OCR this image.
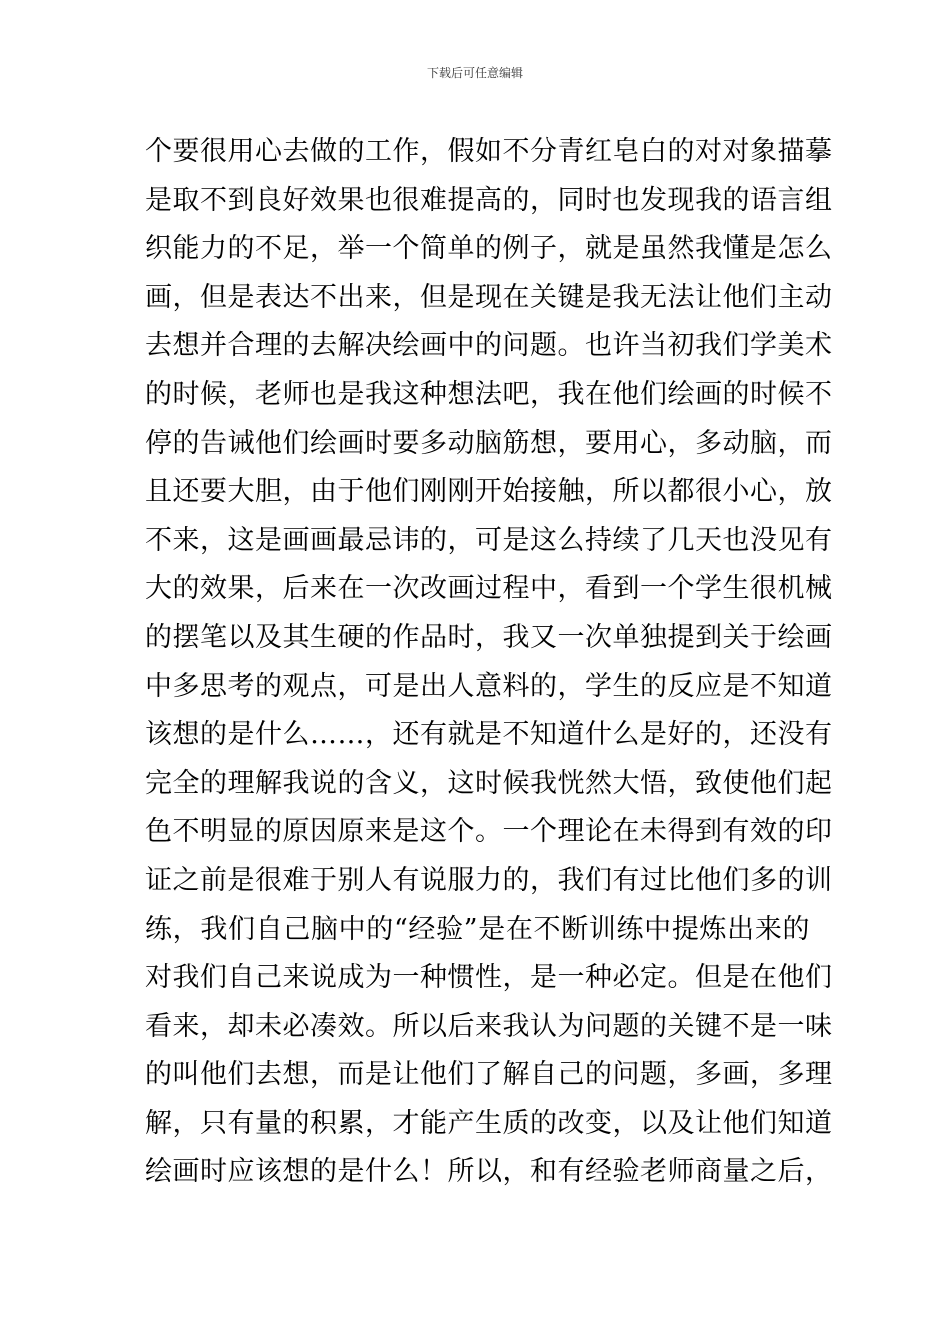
下载后可任意编辑
个要很用心去做的工作，假如不分青红皂白的对对象描摹
是取不到良好效果也很难提高的，同时也发现我的语言组
织能力的不足，举一个简单的例子，就是虽然我懂是怎么
画，但是表达不出来，但是现在关键是我无法让他们主动
去想并合理的去解决绘画中的问题。也许当初我们学美术
的时候，老师也是我这种想法吧，我在他们绘画的时候不
停的告诫他们绘画时要多动脑筋想，要用心，多动脑，而
且还要大胆，由于他们刚刚开始接触，所以都很小心，放
不来，这是画画最忌讳的，可是这么持续了几天也没见有
大的效果，后来在一次改画过程中，看到一个学生很机械
的摆笔以及其生硬的作品时，我又一次单独提到关于绘画
中多思考的观点，可是出人意料的，学生的反应是不知道
该想的是什么……，还有就是不知道什么是好的，还没有
完全的理解我说的含义，这时候我恍然大悟，致使他们起
色不明显的原因原来是这个。一个理论在未得到有效的印
证之前是很难于别人有说服力的，我们有过比他们多的训
练，我们自己脑中的“经验”是在不断训练中提炼出来的
对我们自己来说成为一种惯性，是一种必定。但是在他们
看来，却未必凑效。所以后来我认为问题的关键不是一味
的叫他们去想，而是让他们了解自己的问题，多画，多理
解，只有量的积累，才能产生质的改变，以及让他们知道
绘画时应该想的是什么！所以，和有经验老师商量之后，
